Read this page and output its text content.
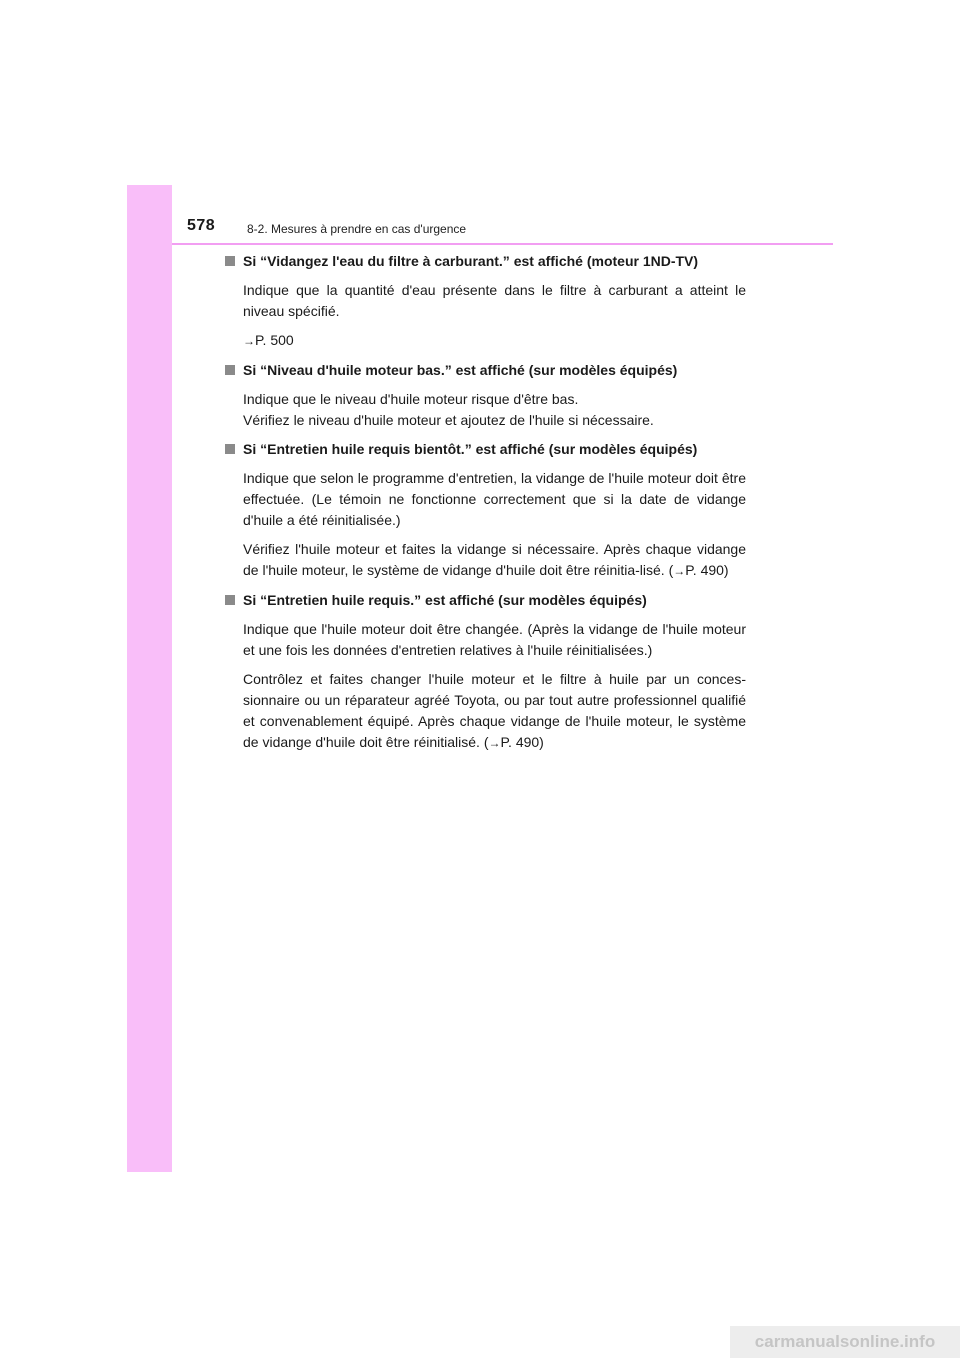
578	8-2. Mesures à prendre en cas d'urgence
Si “Vidangez l'eau du filtre à carburant.” est affiché (moteur 1ND-TV)

Indique que la quantité d'eau présente dans le filtre à carburant a atteint le niveau spécifié.

→P. 500

Si “Niveau d'huile moteur bas.” est affiché (sur modèles équipés)

Indique que le niveau d'huile moteur risque d'être bas.

Vérifiez le niveau d'huile moteur et ajoutez de l'huile si nécessaire.

Si “Entretien huile requis bientôt.” est affiché (sur modèles équipés)

Indique que selon le programme d'entretien, la vidange de l'huile moteur doit être effectuée. (Le témoin ne fonctionne correctement que si la date de vidange d'huile a été réinitialisée.)

Vérifiez l'huile moteur et faites la vidange si nécessaire. Après chaque vidange de l'huile moteur, le système de vidange d'huile doit être réinitia-lisé. (→P. 490)

Si “Entretien huile requis.” est affiché (sur modèles équipés)

Indique que l'huile moteur doit être changée. (Après la vidange de l'huile moteur et une fois les données d'entretien relatives à l'huile réinitialisées.)

Contrôlez et faites changer l'huile moteur et le filtre à huile par un conces-sionnaire ou un réparateur agréé Toyota, ou par tout autre professionnel qualifié et convenablement équipé. Après chaque vidange de l'huile moteur, le système de vidange d'huile doit être réinitialisé. (→P. 490)

carmanualsonline.info
